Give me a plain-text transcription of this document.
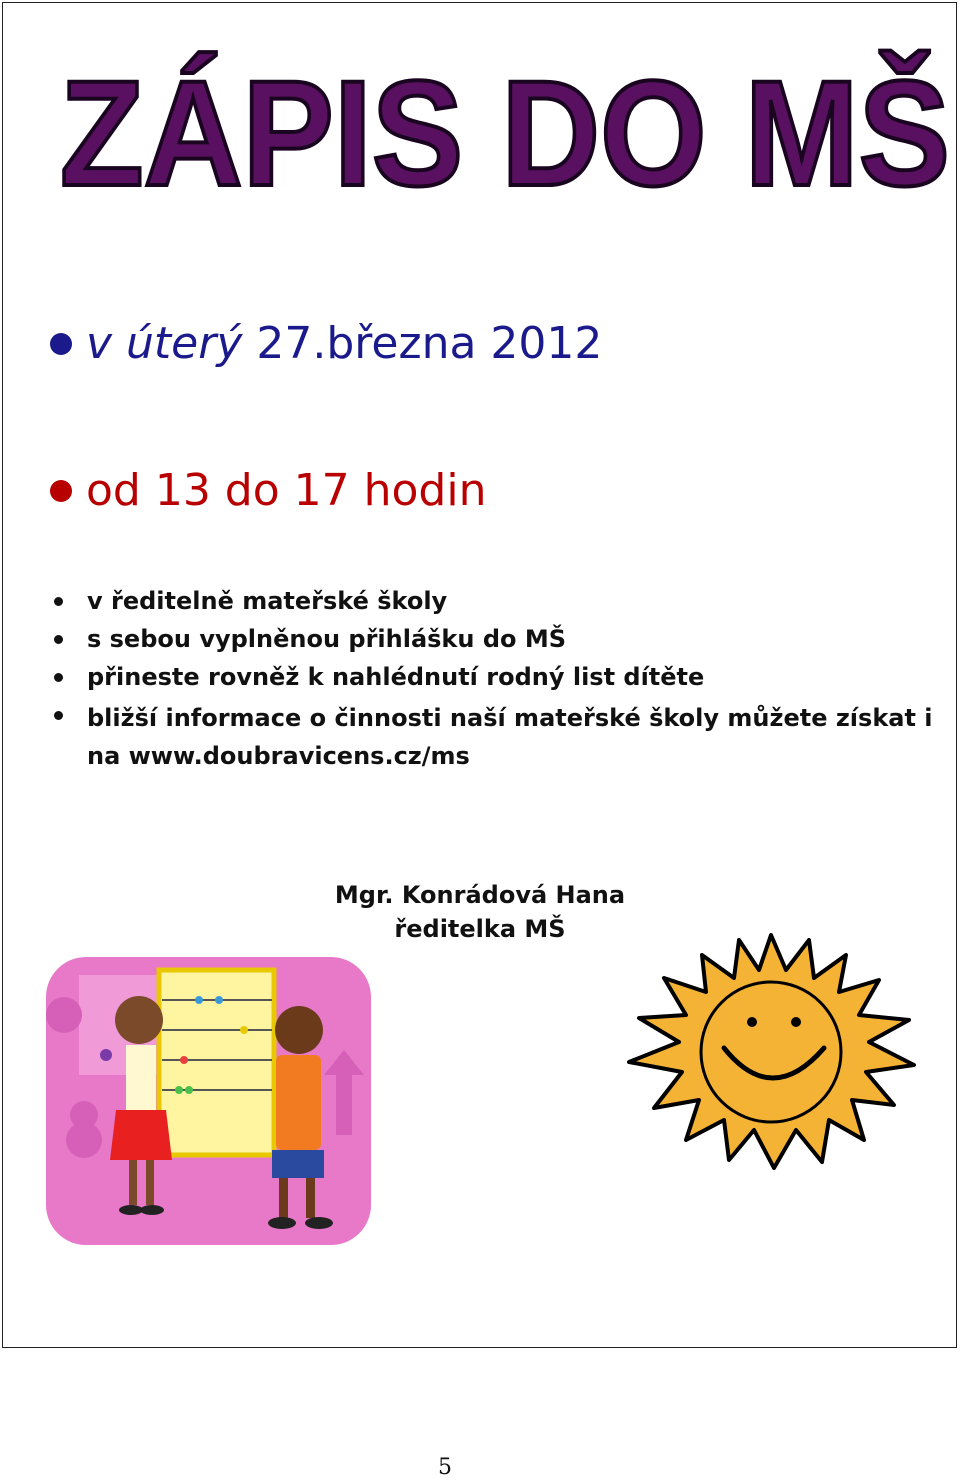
ZÁPIS DO MŠ
v úterý
27.března 2012
od 13 do 17 hodin
v ředitelně mateřské školy
s sebou vyplněnou přihlášku do MŠ
přineste rovněž k nahlédnutí rodný list dítěte
bližší informace o činnosti naší mateřské školy můžete získat i na www.doubravicens.cz/ms
Mgr. Konrádová Hana
ředitelka MŠ
5
